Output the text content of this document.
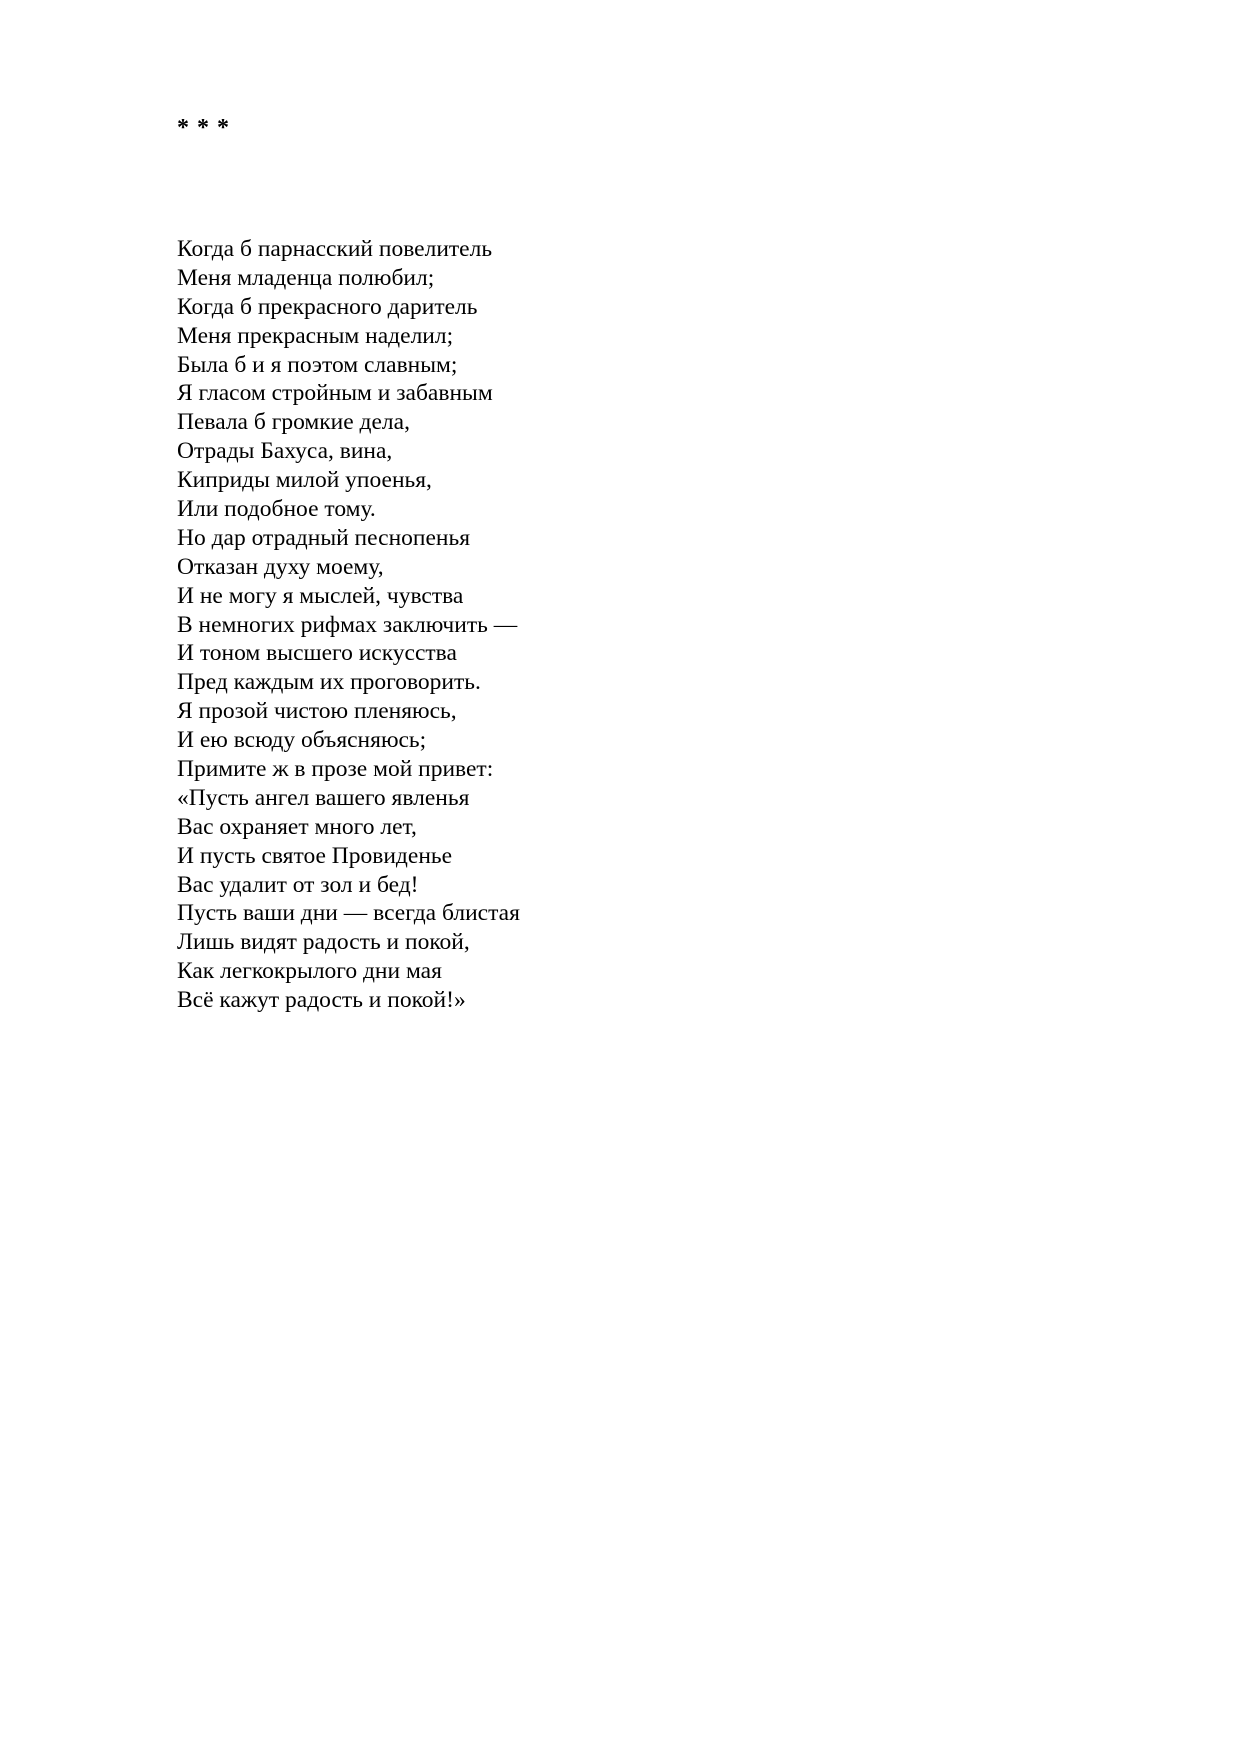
* * *
Когда б парнасский повелитель
Меня младенца полюбил;
Когда б прекрасного даритель
Меня прекрасным наделил;
Была б и я поэтом славным;
Я гласом стройным и забавным
Певала б громкие дела,
Отрады Бахуса, вина,
Киприды милой упоенья,
Или подобное тому.
Но дар отрадный песнопенья
Отказан духу моему,
И не могу я мыслей, чувства
В немногих рифмах заключить —
И тоном высшего искусства
Пред каждым их проговорить.
Я прозой чистою пленяюсь,
И ею всюду объясняюсь;
Примите ж в прозе мой привет:
«Пусть ангел вашего явленья
Вас охраняет много лет,
И пусть святое Провиденье
Вас удалит от зол и бед!
Пусть ваши дни — всегда блистая
Лишь видят радость и покой,
Как легкокрылого дни мая
Всё кажут радость и покой!»
